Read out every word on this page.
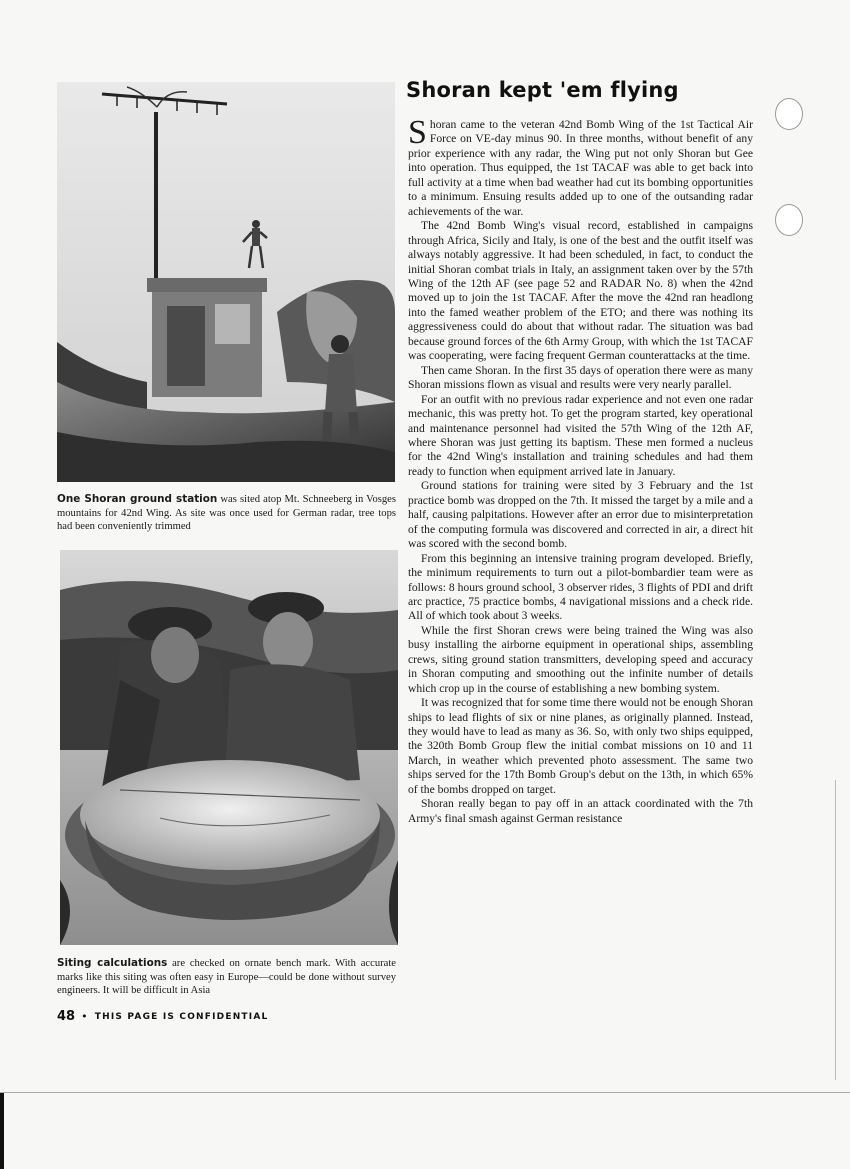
One Shoran ground station was sited atop Mt. Schneeberg in Vosges mountains for 42nd Wing. As site was once used for German radar, tree tops had been conveniently trimmed

Siting calculations are checked on ornate bench mark. With accurate marks like this siting was often easy in Europe—could be done without survey engineers. It will be difficult in Asia

Shoran kept 'em flying

Shoran came to the veteran 42nd Bomb Wing of the 1st Tactical Air Force on VE-day minus 90. In three months, without benefit of any prior experience with any radar, the Wing put not only Shoran but Gee into operation. Thus equipped, the 1st TACAF was able to get back into full activity at a time when bad weather had cut its bombing opportunities to a minimum. Ensuing results added up to one of the outsanding radar achievements of the war.

The 42nd Bomb Wing's visual record, established in campaigns through Africa, Sicily and Italy, is one of the best and the outfit itself was always notably aggressive. It had been scheduled, in fact, to conduct the initial Shoran combat trials in Italy, an assignment taken over by the 57th Wing of the 12th AF (see page 52 and RADAR No. 8) when the 42nd moved up to join the 1st TACAF. After the move the 42nd ran headlong into the famed weather problem of the ETO; and there was nothing its aggressiveness could do about that without radar. The situation was bad because ground forces of the 6th Army Group, with which the 1st TACAF was cooperating, were facing frequent German counterattacks at the time.

Then came Shoran. In the first 35 days of operation there were as many Shoran missions flown as visual and results were very nearly parallel.

For an outfit with no previous radar experience and not even one radar mechanic, this was pretty hot. To get the program started, key operational and maintenance personnel had visited the 57th Wing of the 12th AF, where Shoran was just getting its baptism. These men formed a nucleus for the 42nd Wing's installation and training schedules and had them ready to function when equipment arrived late in January.

Ground stations for training were sited by 3 February and the 1st practice bomb was dropped on the 7th. It missed the target by a mile and a half, causing palpitations. However after an error due to misinterpretation of the computing formula was discovered and corrected in air, a direct hit was scored with the second bomb.

From this beginning an intensive training program developed. Briefly, the minimum requirements to turn out a pilot-bombardier team were as follows: 8 hours ground school, 3 observer rides, 3 flights of PDI and drift arc practice, 75 practice bombs, 4 navigational missions and a check ride. All of which took about 3 weeks.

While the first Shoran crews were being trained the Wing was also busy installing the airborne equipment in operational ships, assembling crews, siting ground station transmitters, developing speed and accuracy in Shoran computing and smoothing out the infinite number of details which crop up in the course of establishing a new bombing system.

It was recognized that for some time there would not be enough Shoran ships to lead flights of six or nine planes, as originally planned. Instead, they would have to lead as many as 36. So, with only two ships equipped, the 320th Bomb Group flew the initial combat missions on 10 and 11 March, in weather which prevented photo assessment. The same two ships served for the 17th Bomb Group's debut on the 13th, in which 65% of the bombs dropped on target.

Shoran really began to pay off in an attack coordinated with the 7th Army's final smash against German resistance

48 • THIS PAGE IS CONFIDENTIAL
